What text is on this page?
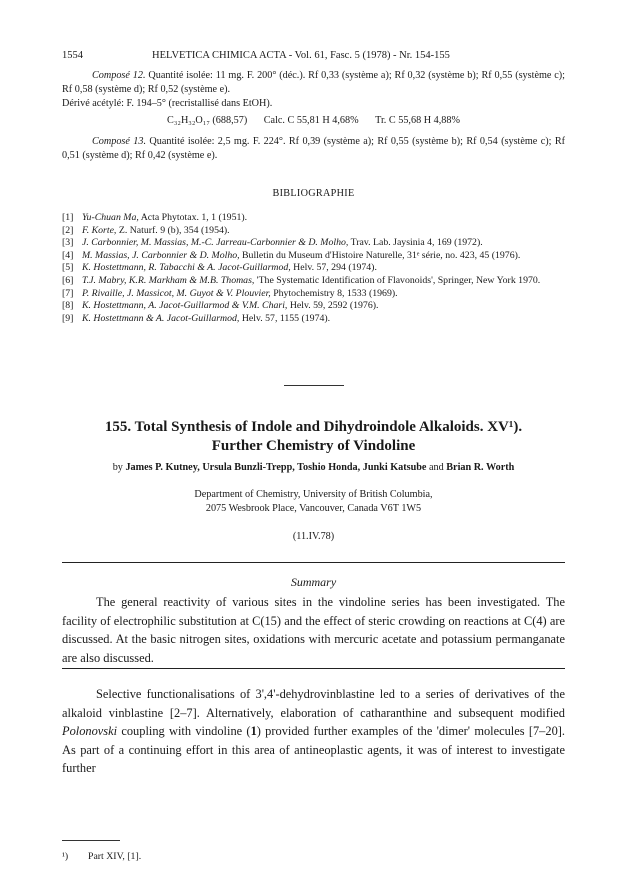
1554	HELVETICA CHIMICA ACTA - Vol. 61, Fasc. 5 (1978) - Nr. 154-155

Composé 12. Quantité isolée: 11 mg. F. 200° (déc.). Rf 0,33 (système a); Rf 0,32 (système b); Rf 0,55 (système c); Rf 0,58 (système d); Rf 0,52 (système e).

Dérivé acétylé: F. 194–5° (recristallisé dans EtOH).

C₃₂H₃₂O₁₇ (688,57) Calc. C 55,81 H 4,68% Tr. C 55,68 H 4,88%

Composé 13. Quantité isolée: 2,5 mg. F. 224°. Rf 0,39 (système a); Rf 0,55 (système b); Rf 0,54 (système c); Rf 0,51 (système d); Rf 0,42 (système e).

BIBLIOGRAPHIE
[1] Yu-Chuan Ma, Acta Phytotax. 1, 1 (1951).
[2] F. Korte, Z. Naturf. 9 (b), 354 (1954).
[3] J. Carbonnier, M. Massias, M.-C. Jarreau-Carbonnier & D. Molho, Trav. Lab. Jaysinia 4, 169 (1972).
[4] M. Massias, J. Carbonnier & D. Molho, Bulletin du Museum d'Histoire Naturelle, 31ᵉ série, no. 423, 45 (1976).
[5] K. Hostettmann, R. Tabacchi & A. Jacot-Guillarmod, Helv. 57, 294 (1974).
[6] T.J. Mabry, K.R. Markham & M.B. Thomas, 'The Systematic Identification of Flavonoids', Springer, New York 1970.
[7] P. Rivaille, J. Massicot, M. Guyot & V. Plouvier, Phytochemistry 8, 1533 (1969).
[8] K. Hostettmann, A. Jacot-Guillarmod & V.M. Chari, Helv. 59, 2592 (1976).
[9] K. Hostettmann & A. Jacot-Guillarmod, Helv. 57, 1155 (1974).
155. Total Synthesis of Indole and Dihydroindole Alkaloids. XV¹).
Further Chemistry of Vindoline
by James P. Kutney, Ursula Bunzli-Trepp, Toshio Honda, Junki Katsube and Brian R. Worth
Department of Chemistry, University of British Columbia,
2075 Wesbrook Place, Vancouver, Canada V6T 1W5
(11.IV.78)
Summary

The general reactivity of various sites in the vindoline series has been investigated. The facility of electrophilic substitution at C(15) and the effect of steric crowding on reactions at C(4) are discussed. At the basic nitrogen sites, oxidations with mercuric acetate and potassium permanganate are also discussed.

Selective functionalisations of 3',4'-dehydrovinblastine led to a series of derivatives of the alkaloid vinblastine [2–7]. Alternatively, elaboration of catharanthine and subsequent modified Polonovski coupling with vindoline (1) provided further examples of the 'dimer' molecules [7–20]. As part of a continuing effort in this area of antineoplastic agents, it was of interest to investigate further

¹) Part XIV, [1].
